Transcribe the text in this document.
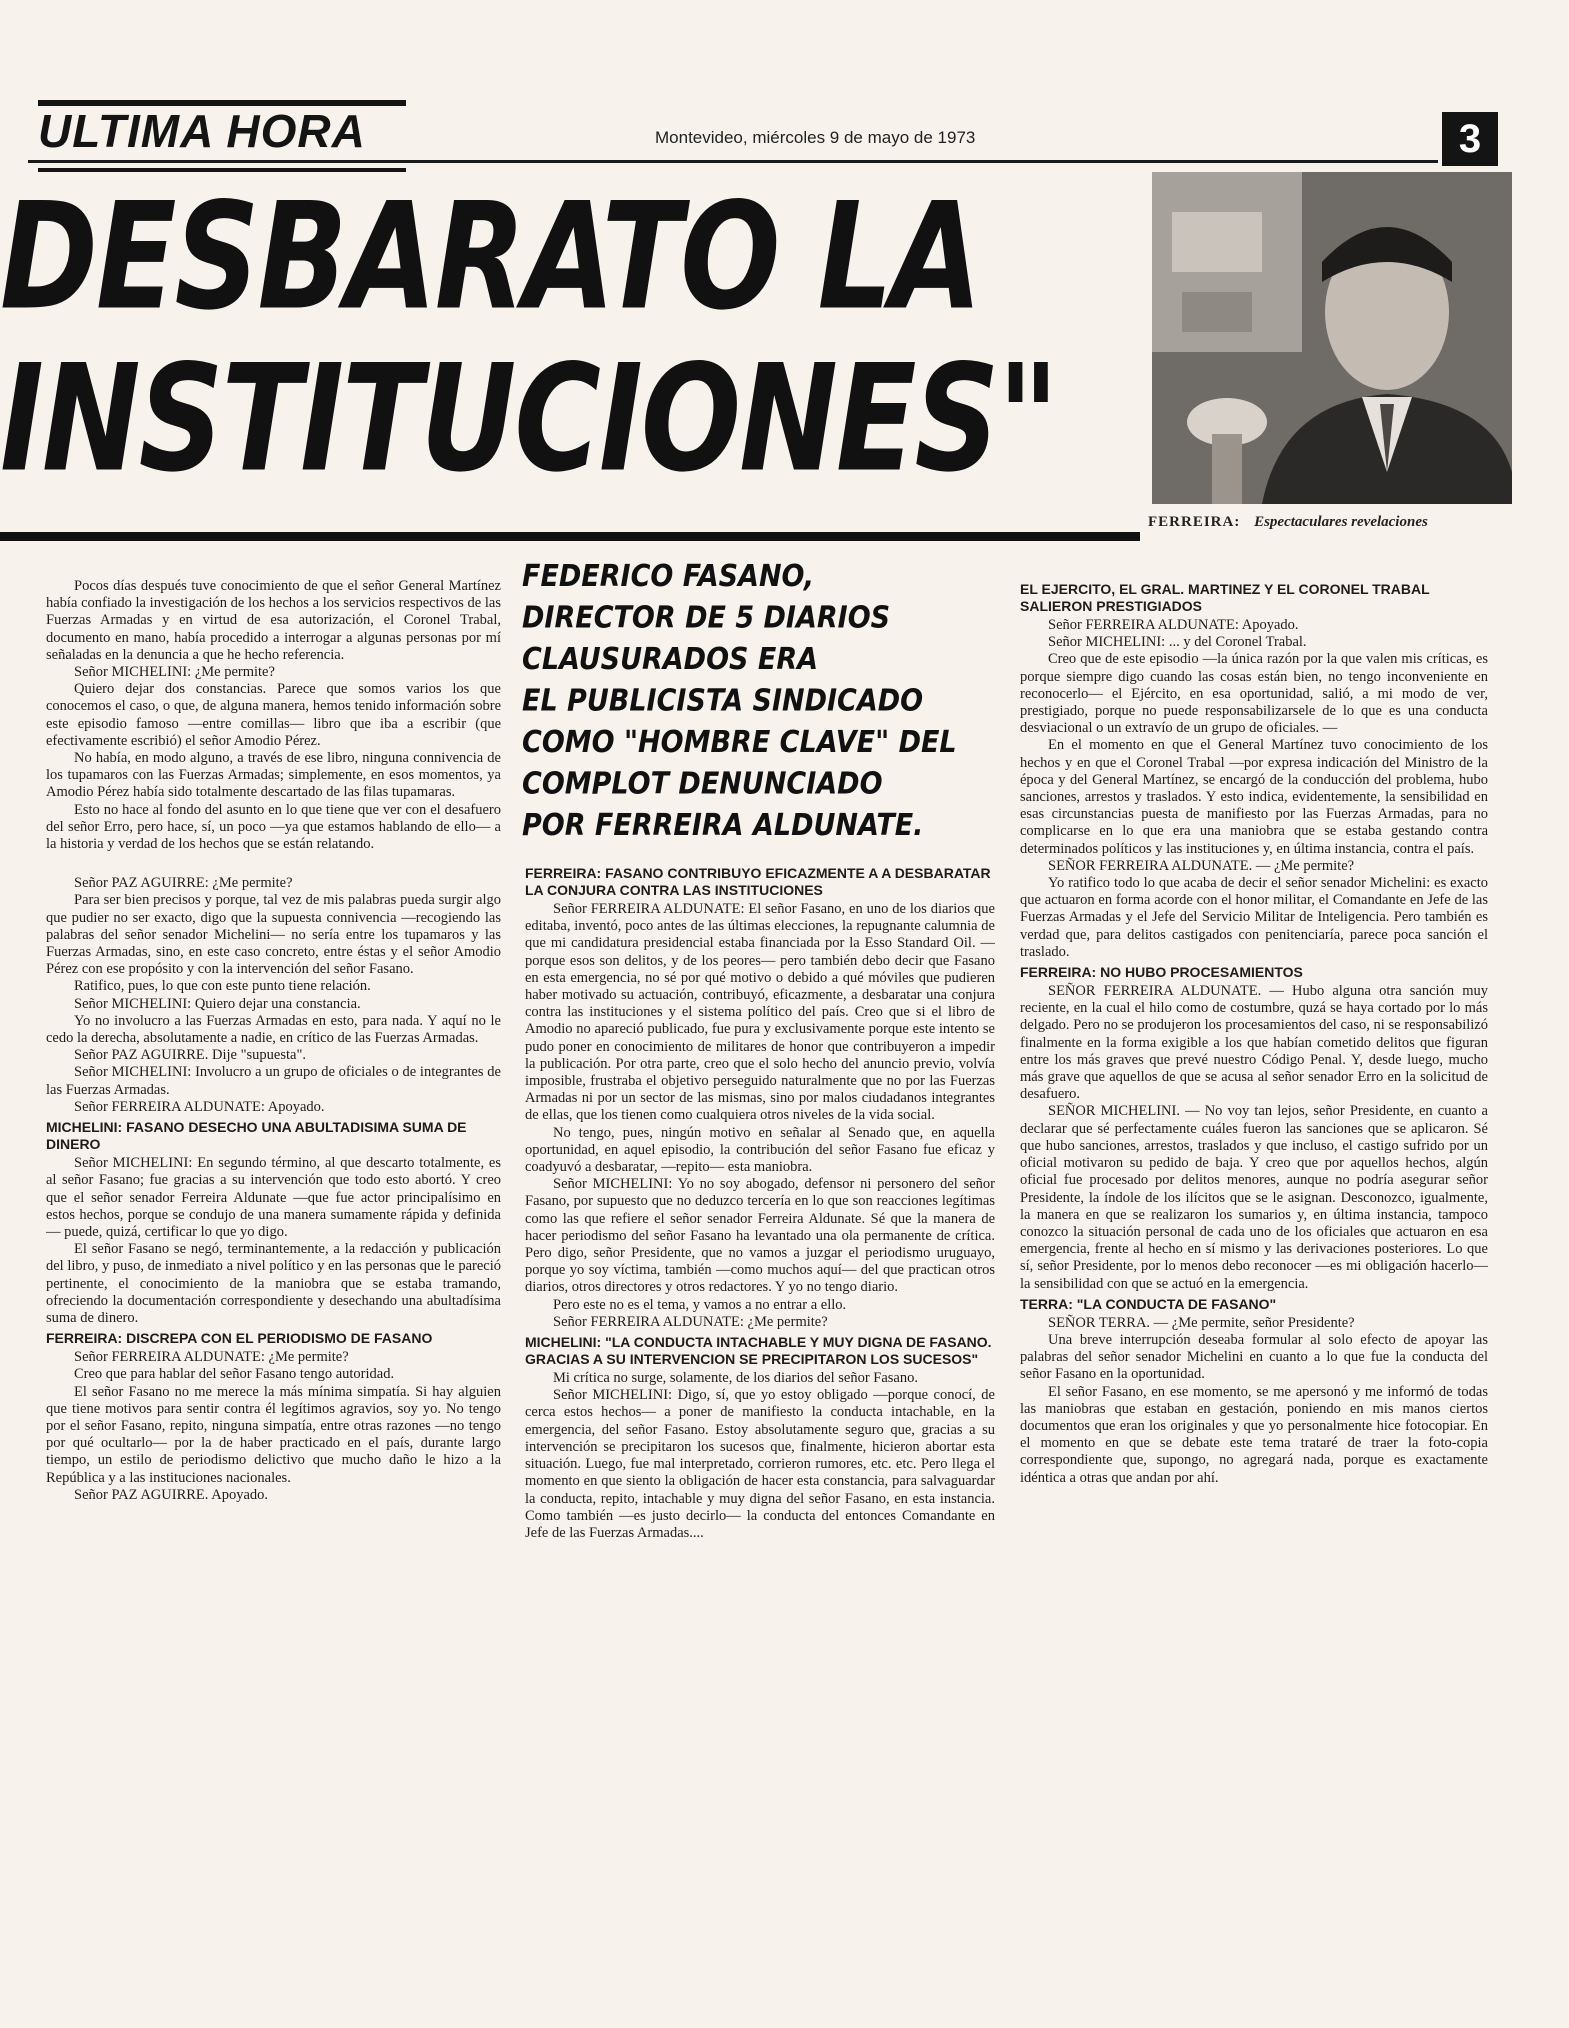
ULTIMA HORA	Montevideo, miércoles 9 de mayo de 1973	3
DESBARATO LA
INSTITUCIONES"
FERREIRA: Espectaculares revelaciones
FEDERICO FASANO,
DIRECTOR DE 5 DIARIOS
CLAUSURADOS ERA
EL PUBLICISTA SINDICADO
COMO "HOMBRE CLAVE" DEL
COMPLOT DENUNCIADO
POR FERREIRA ALDUNATE.

Pocos días después tuve conocimiento de que el señor General Martínez había confiado la investigación de los hechos a los servicios respectivos de las Fuerzas Armadas y en virtud de esa autorización, el Coronel Trabal, documento en mano, había procedido a interrogar a algunas personas por mí señaladas en la denuncia a que he hecho referencia.

Señor MICHELINI: ¿Me permite?

Quiero dejar dos constancias. Parece que somos varios los que conocemos el caso, o que, de alguna manera, hemos tenido información sobre este episodio famoso —entre comillas— libro que iba a escribir (que efectivamente escribió) el señor Amodio Pérez.

No había, en modo alguno, a través de ese libro, ninguna connivencia de los tupamaros con las Fuerzas Armadas; simplemente, en esos momentos, ya Amodio Pérez había sido totalmente descartado de las filas tupamaras.

Esto no hace al fondo del asunto en lo que tiene que ver con el desafuero del señor Erro, pero hace, sí, un poco —ya que estamos hablando de ello— a la historia y verdad de los hechos que se están relatando.

Señor PAZ AGUIRRE: ¿Me permite?

Para ser bien precisos y porque, tal vez de mis palabras pueda surgir algo que pudier no ser exacto, digo que la supuesta connivencia —recogiendo las palabras del señor senador Michelini— no sería entre los tupamaros y las Fuerzas Armadas, sino, en este caso concreto, entre éstas y el señor Amodio Pérez con ese propósito y con la intervención del señor Fasano.

Ratifico, pues, lo que con este punto tiene relación.

Señor MICHELINI: Quiero dejar una constancia.

Yo no involucro a las Fuerzas Armadas en esto, para nada. Y aquí no le cedo la derecha, absolutamente a nadie, en crítico de las Fuerzas Armadas.

Señor PAZ AGUIRRE. Dije "supuesta".

Señor MICHELINI: Involucro a un grupo de oficiales o de integrantes de las Fuerzas Armadas.

Señor FERREIRA ALDUNATE: Apoyado.

MICHELINI: FASANO DESECHO UNA ABULTADISIMA SUMA DE DINERO

Señor MICHELINI: En segundo término, al que descarto totalmente, es al señor Fasano; fue gracias a su intervención que todo esto abortó. Y creo que el señor senador Ferreira Aldunate —que fue actor principalísimo en estos hechos, porque se condujo de una manera sumamente rápida y definida— puede, quizá, certificar lo que yo digo.

El señor Fasano se negó, terminantemente, a la redacción y publicación del libro, y puso, de inmediato a nivel político y en las personas que le pareció pertinente, el conocimiento de la maniobra que se estaba tramando, ofreciendo la documentación correspondiente y desechando una abultadísima suma de dinero.

FERREIRA: DISCREPA CON EL PERIODISMO DE FASANO

Señor FERREIRA ALDUNATE: ¿Me permite?

Creo que para hablar del señor Fasano tengo autoridad.

El señor Fasano no me merece la más mínima simpatía. Si hay alguien que tiene motivos para sentir contra él legítimos agravios, soy yo. No tengo por el señor Fasano, repito, ninguna simpatía, entre otras razones —no tengo por qué ocultarlo— por la de haber practicado en el país, durante largo tiempo, un estilo de periodismo delictivo que mucho daño le hizo a la República y a las instituciones nacionales.

Señor PAZ AGUIRRE. Apoyado.

FERREIRA: FASANO CONTRIBUYO EFICAZMENTE A A DESBARATAR LA CONJURA CONTRA LAS INSTITUCIONES

Señor FERREIRA ALDUNATE: El señor Fasano, en uno de los diarios que editaba, inventó, poco antes de las últimas elecciones, la repugnante calumnia de que mi candidatura presidencial estaba financiada por la Esso Standard Oil. —porque esos son delitos, y de los peores— pero también debo decir que Fasano en esta emergencia, no sé por qué motivo o debido a qué móviles que pudieren haber motivado su actuación, contribuyó, eficazmente, a desbaratar una conjura contra las instituciones y el sistema político del país. Creo que si el libro de Amodio no apareció publicado, fue pura y exclusivamente porque este intento se pudo poner en conocimiento de militares de honor que contribuyeron a impedir la publicación. Por otra parte, creo que el solo hecho del anuncio previo, volvía imposible, frustraba el objetivo perseguido naturalmente que no por las Fuerzas Armadas ni por un sector de las mismas, sino por malos ciudadanos integrantes de ellas, que los tienen como cualquiera otros niveles de la vida social.

No tengo, pues, ningún motivo en señalar al Senado que, en aquella oportunidad, en aquel episodio, la contribución del señor Fasano fue eficaz y coadyuvó a desbaratar, —repito— esta maniobra.

Señor MICHELINI: Yo no soy abogado, defensor ni personero del señor Fasano, por supuesto que no deduzco tercería en lo que son reacciones legítimas como las que refiere el señor senador Ferreira Aldunate. Sé que la manera de hacer periodismo del señor Fasano ha levantado una ola permanente de crítica. Pero digo, señor Presidente, que no vamos a juzgar el periodismo uruguayo, porque yo soy víctima, también —como muchos aquí— del que practican otros diarios, otros directores y otros redactores. Y yo no tengo diario.

Pero este no es el tema, y vamos a no entrar a ello.

Señor FERREIRA ALDUNATE: ¿Me permite?

MICHELINI: "LA CONDUCTA INTACHABLE Y MUY DIGNA DE FASANO. GRACIAS A SU INTERVENCION SE PRECIPITARON LOS SUCESOS"

Mi crítica no surge, solamente, de los diarios del señor Fasano.

Señor MICHELINI: Digo, sí, que yo estoy obligado —porque conocí, de cerca estos hechos— a poner de manifiesto la conducta intachable, en la emergencia, del señor Fasano. Estoy absolutamente seguro que, gracias a su intervención se precipitaron los sucesos que, finalmente, hicieron abortar esta situación. Luego, fue mal interpretado, corrieron rumores, etc. etc. Pero llega el momento en que siento la obligación de hacer esta constancia, para salvaguardar la conducta, repito, intachable y muy digna del señor Fasano, en esta instancia. Como también —es justo decirlo— la conducta del entonces Comandante en Jefe de las Fuerzas Armadas....

EL EJERCITO, EL GRAL. MARTINEZ Y EL CORONEL TRABAL SALIERON PRESTIGIADOS

Señor FERREIRA ALDUNATE: Apoyado.

Señor MICHELINI: ... y del Coronel Trabal.

Creo que de este episodio —la única razón por la que valen mis críticas, es porque siempre digo cuando las cosas están bien, no tengo inconveniente en reconocerlo— el Ejército, en esa oportunidad, salió, a mi modo de ver, prestigiado, porque no puede responsabilizarsele de lo que es una conducta desviacional o un extravío de un grupo de oficiales. —

En el momento en que el General Martínez tuvo conocimiento de los hechos y en que el Coronel Trabal —por expresa indicación del Ministro de la época y del General Martínez, se encargó de la conducción del problema, hubo sanciones, arrestos y traslados. Y esto indica, evidentemente, la sensibilidad en esas circunstancias puesta de manifiesto por las Fuerzas Armadas, para no complicarse en lo que era una maniobra que se estaba gestando contra determinados políticos y las instituciones y, en última instancia, contra el país.

SEÑOR FERREIRA ALDUNATE. — ¿Me permite?

Yo ratifico todo lo que acaba de decir el señor senador Michelini: es exacto que actuaron en forma acorde con el honor militar, el Comandante en Jefe de las Fuerzas Armadas y el Jefe del Servicio Militar de Inteligencia. Pero también es verdad que, para delitos castigados con penitenciaría, parece poca sanción el traslado.

FERREIRA: NO HUBO PROCESAMIENTOS

SEÑOR FERREIRA ALDUNATE. — Hubo alguna otra sanción muy reciente, en la cual el hilo como de costumbre, quzá se haya cortado por lo más delgado. Pero no se produjeron los procesamientos del caso, ni se responsabilizó finalmente en la forma exigible a los que habían cometido delitos que figuran entre los más graves que prevé nuestro Código Penal. Y, desde luego, mucho más grave que aquellos de que se acusa al señor senador Erro en la solicitud de desafuero.

SEÑOR MICHELINI. — No voy tan lejos, señor Presidente, en cuanto a declarar que sé perfectamente cuáles fueron las sanciones que se aplicaron. Sé que hubo sanciones, arrestos, traslados y que incluso, el castigo sufrido por un oficial motivaron su pedido de baja. Y creo que por aquellos hechos, algún oficial fue procesado por delitos menores, aunque no podría asegurar señor Presidente, la índole de los ilícitos que se le asignan. Desconozco, igualmente, la manera en que se realizaron los sumarios y, en última instancia, tampoco conozco la situación personal de cada uno de los oficiales que actuaron en esa emergencia, frente al hecho en sí mismo y las derivaciones posteriores. Lo que sí, señor Presidente, por lo menos debo reconocer —es mi obligación hacerlo— la sensibilidad con que se actuó en la emergencia.

TERRA: "LA CONDUCTA DE FASANO"

SEÑOR TERRA. — ¿Me permite, señor Presidente?

Una breve interrupción deseaba formular al solo efecto de apoyar las palabras del señor senador Michelini en cuanto a lo que fue la conducta del señor Fasano en la oportunidad.

El señor Fasano, en ese momento, se me apersonó y me informó de todas las maniobras que estaban en gestación, poniendo en mis manos ciertos documentos que eran los originales y que yo personalmente hice fotocopiar. En el momento en que se debate este tema trataré de traer la foto-copia correspondiente que, supongo, no agregará nada, porque es exactamente idéntica a otras que andan por ahí.
